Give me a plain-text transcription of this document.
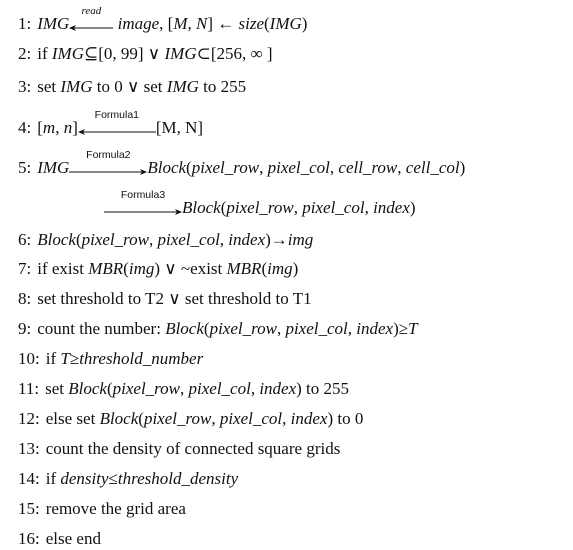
1: IMG
read
image, [M, N] ← size(IMG)
2: if IMG⊆[0, 99] ∨ IMG⊂[256, ∞ ]
3: set IMG to 0 ∨ set IMG to 255
4: [m, n]
Formula1
[M, N]
5: IMG
Formula2
Block(pixel_row, pixel_col, cell_row, cell_col)
Formula3
Block(pixel_row, pixel_col, index)
6: Block(pixel_row, pixel_col, index)→img
7: if exist MBR(img) ∨ ~exist MBR(img)
8: set threshold to T2 ∨ set threshold to T1
9: count the number: Block(pixel_row, pixel_col, index)≥T
10: if T≥threshold_number
11: set Block(pixel_row, pixel_col, index) to 255
12: else set Block(pixel_row, pixel_col, index) to 0
13: count the density of connected square grids
14: if density≤threshold_density
15: remove the grid area
16: else end
